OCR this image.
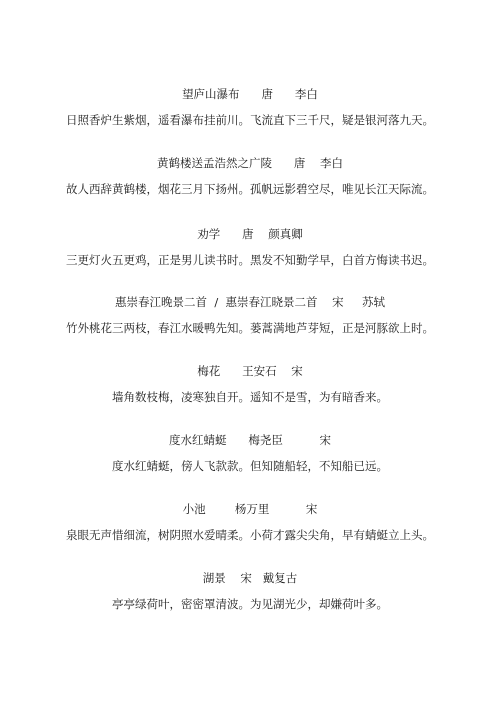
望庐山瀑布      唐      李白
日照香炉生紫烟，遥看瀑布挂前川。飞流直下三千尺，疑是银河落九天。
黄鹤楼送孟浩然之广陵      唐    李白
故人西辞黄鹤楼，烟花三月下扬州。孤帆远影碧空尽，唯见长江天际流。
劝学      唐    颜真卿
三更灯火五更鸡，正是男儿读书时。黑发不知勤学早，白首方悔读书迟。
惠崇春江晚景二首  /  惠崇春江晓景二首    宋     苏轼
竹外桃花三两枝，春江水暖鸭先知。蒌蒿满地芦芽短，正是河豚欲上时。
梅花      王安石    宋
墙角数枝梅，凌寒独自开。遥知不是雪，为有暗香来。
度水红蜻蜓      梅尧臣          宋
度水红蜻蜓，傍人飞款款。但知随船轻，不知船已远。
小池        杨万里          宋
泉眼无声惜细流，树阴照水爱晴柔。小荷才露尖尖角，早有蜻蜓立上头。
湖景    宋   戴复古
亭亭绿荷叶，密密罩清波。为见湖光少，却嫌荷叶多。
